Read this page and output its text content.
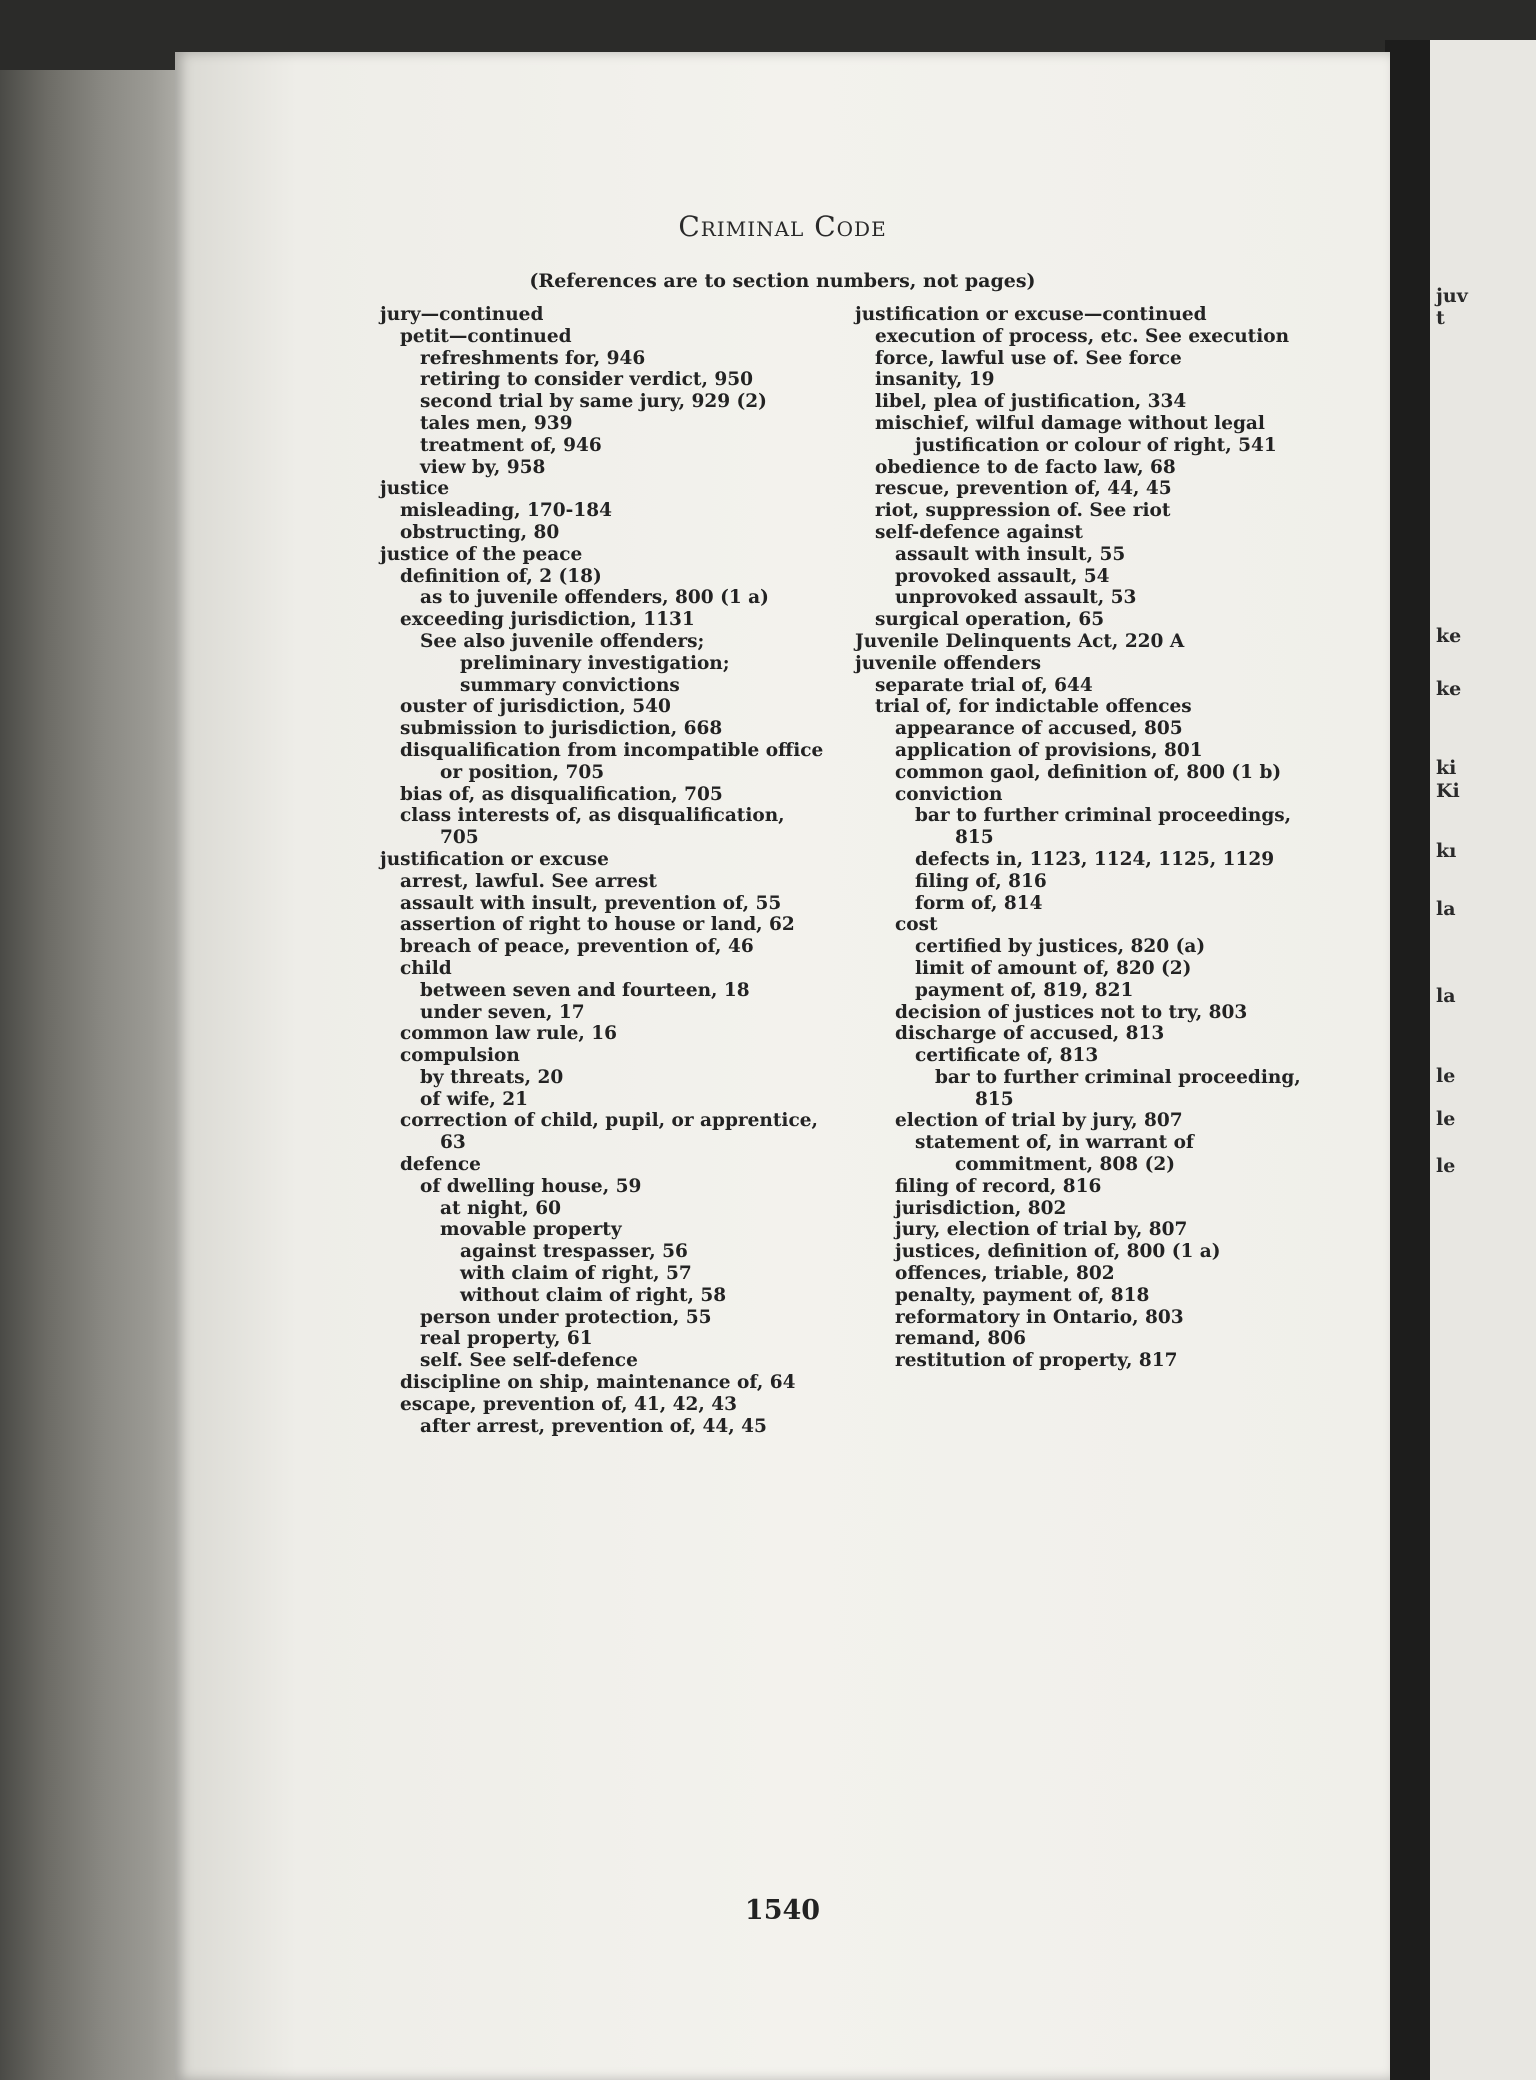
juv
t
ke
ke
ki
Ki
kı
la
la
le
le
le
Criminal Code
(References are to section numbers, not pages)
jury—continued
petit—continued
refreshments for, 946
retiring to consider verdict, 950
second trial by same jury, 929 (2)
tales men, 939
treatment of, 946
view by, 958
justice
misleading, 170-184
obstructing, 80
justice of the peace
definition of, 2 (18)
as to juvenile offenders, 800 (1 a)
exceeding jurisdiction, 1131
See also juvenile offenders; preliminary investigation; summary convictions
ouster of jurisdiction, 540
submission to jurisdiction, 668
disqualification from incompatible office or position, 705
bias of, as disqualification, 705
class interests of, as disqualification, 705
justification or excuse
arrest, lawful. See arrest
assault with insult, prevention of, 55
assertion of right to house or land, 62
breach of peace, prevention of, 46
child
between seven and fourteen, 18
under seven, 17
common law rule, 16
compulsion
by threats, 20
of wife, 21
correction of child, pupil, or apprentice, 63
defence
of dwelling house, 59
at night, 60
movable property
against trespasser, 56
with claim of right, 57
without claim of right, 58
person under protection, 55
real property, 61
self. See self-defence
discipline on ship, maintenance of, 64
escape, prevention of, 41, 42, 43
after arrest, prevention of, 44, 45
justification or excuse—continued
execution of process, etc. See execution
force, lawful use of. See force
insanity, 19
libel, plea of justification, 334
mischief, wilful damage without legal justification or colour of right, 541
obedience to de facto law, 68
rescue, prevention of, 44, 45
riot, suppression of. See riot
self-defence against
assault with insult, 55
provoked assault, 54
unprovoked assault, 53
surgical operation, 65
Juvenile Delinquents Act, 220 A
juvenile offenders
separate trial of, 644
trial of, for indictable offences
appearance of accused, 805
application of provisions, 801
common gaol, definition of, 800 (1 b)
conviction
bar to further criminal proceedings, 815
defects in, 1123, 1124, 1125, 1129
filing of, 816
form of, 814
cost
certified by justices, 820 (a)
limit of amount of, 820 (2)
payment of, 819, 821
decision of justices not to try, 803
discharge of accused, 813
certificate of, 813
bar to further criminal proceeding, 815
election of trial by jury, 807
statement of, in warrant of commitment, 808 (2)
filing of record, 816
jurisdiction, 802
jury, election of trial by, 807
justices, definition of, 800 (1 a)
offences, triable, 802
penalty, payment of, 818
reformatory in Ontario, 803
remand, 806
restitution of property, 817
1540
